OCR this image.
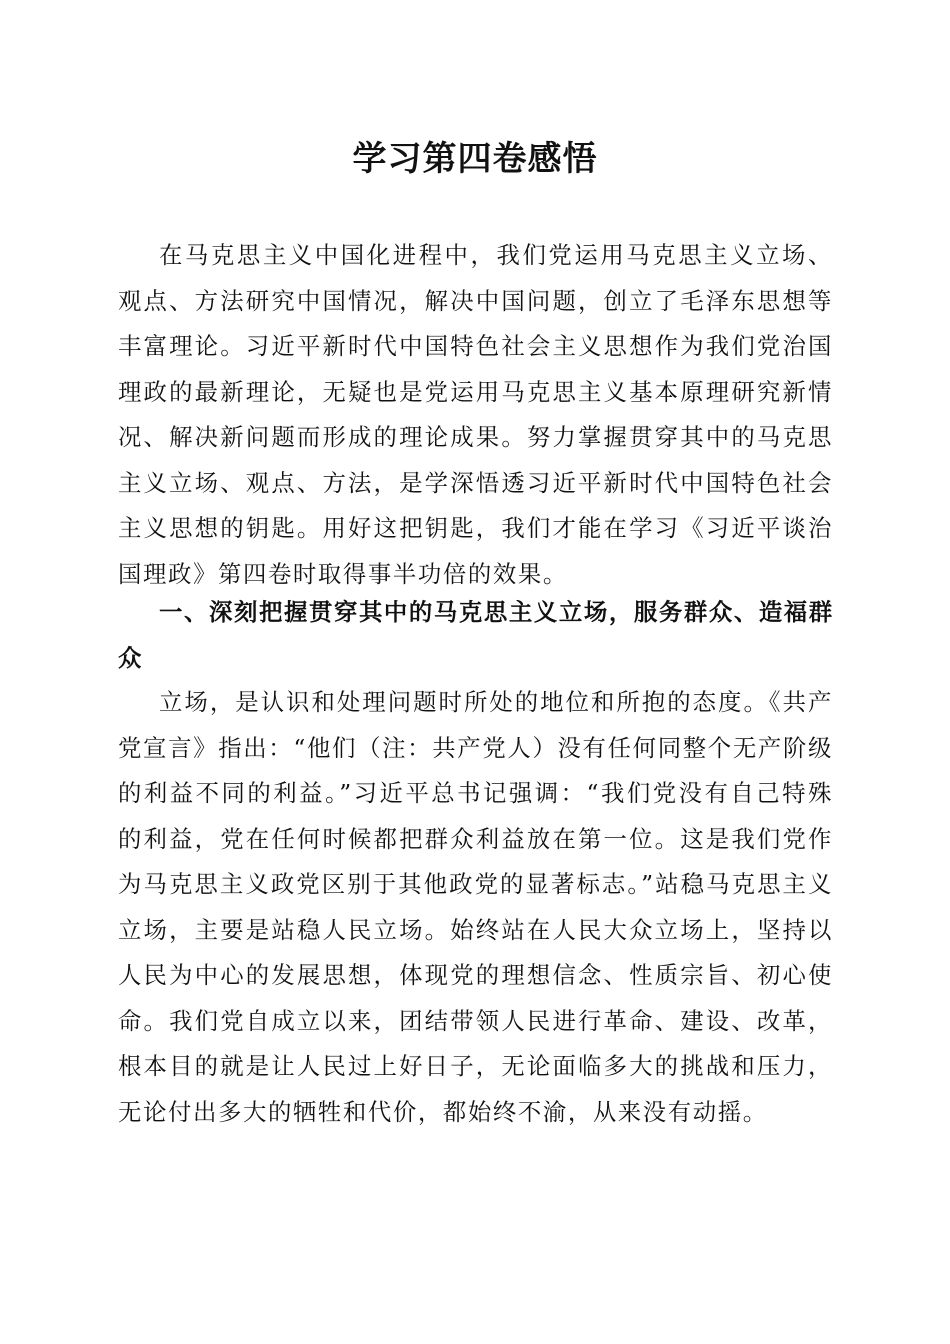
学习第四卷感悟

在马克思主义中国化进程中，我们党运用马克思主义立场、观点、方法研究中国情况，解决中国问题，创立了毛泽东思想等丰富理论。习近平新时代中国特色社会主义思想作为我们党治国理政的最新理论，无疑也是党运用马克思主义基本原理研究新情况、解决新问题而形成的理论成果。努力掌握贯穿其中的马克思主义立场、观点、方法，是学深悟透习近平新时代中国特色社会主义思想的钥匙。用好这把钥匙，我们才能在学习《习近平谈治国理政》第四卷时取得事半功倍的效果。

一、深刻把握贯穿其中的马克思主义立场，服务群众、造福群众

立场，是认识和处理问题时所处的地位和所抱的态度。《共产党宣言》指出：“他们（注：共产党人）没有任何同整个无产阶级的利益不同的利益。”习近平总书记强调：“我们党没有自己特殊的利益，党在任何时候都把群众利益放在第一位。这是我们党作为马克思主义政党区别于其他政党的显著标志。”站稳马克思主义立场，主要是站稳人民立场。始终站在人民大众立场上，坚持以人民为中心的发展思想，体现党的理想信念、性质宗旨、初心使命。我们党自成立以来，团结带领人民进行革命、建设、改革，根本目的就是让人民过上好日子，无论面临多大的挑战和压力，无论付出多大的牺牲和代价，都始终不渝，从来没有动摇。
